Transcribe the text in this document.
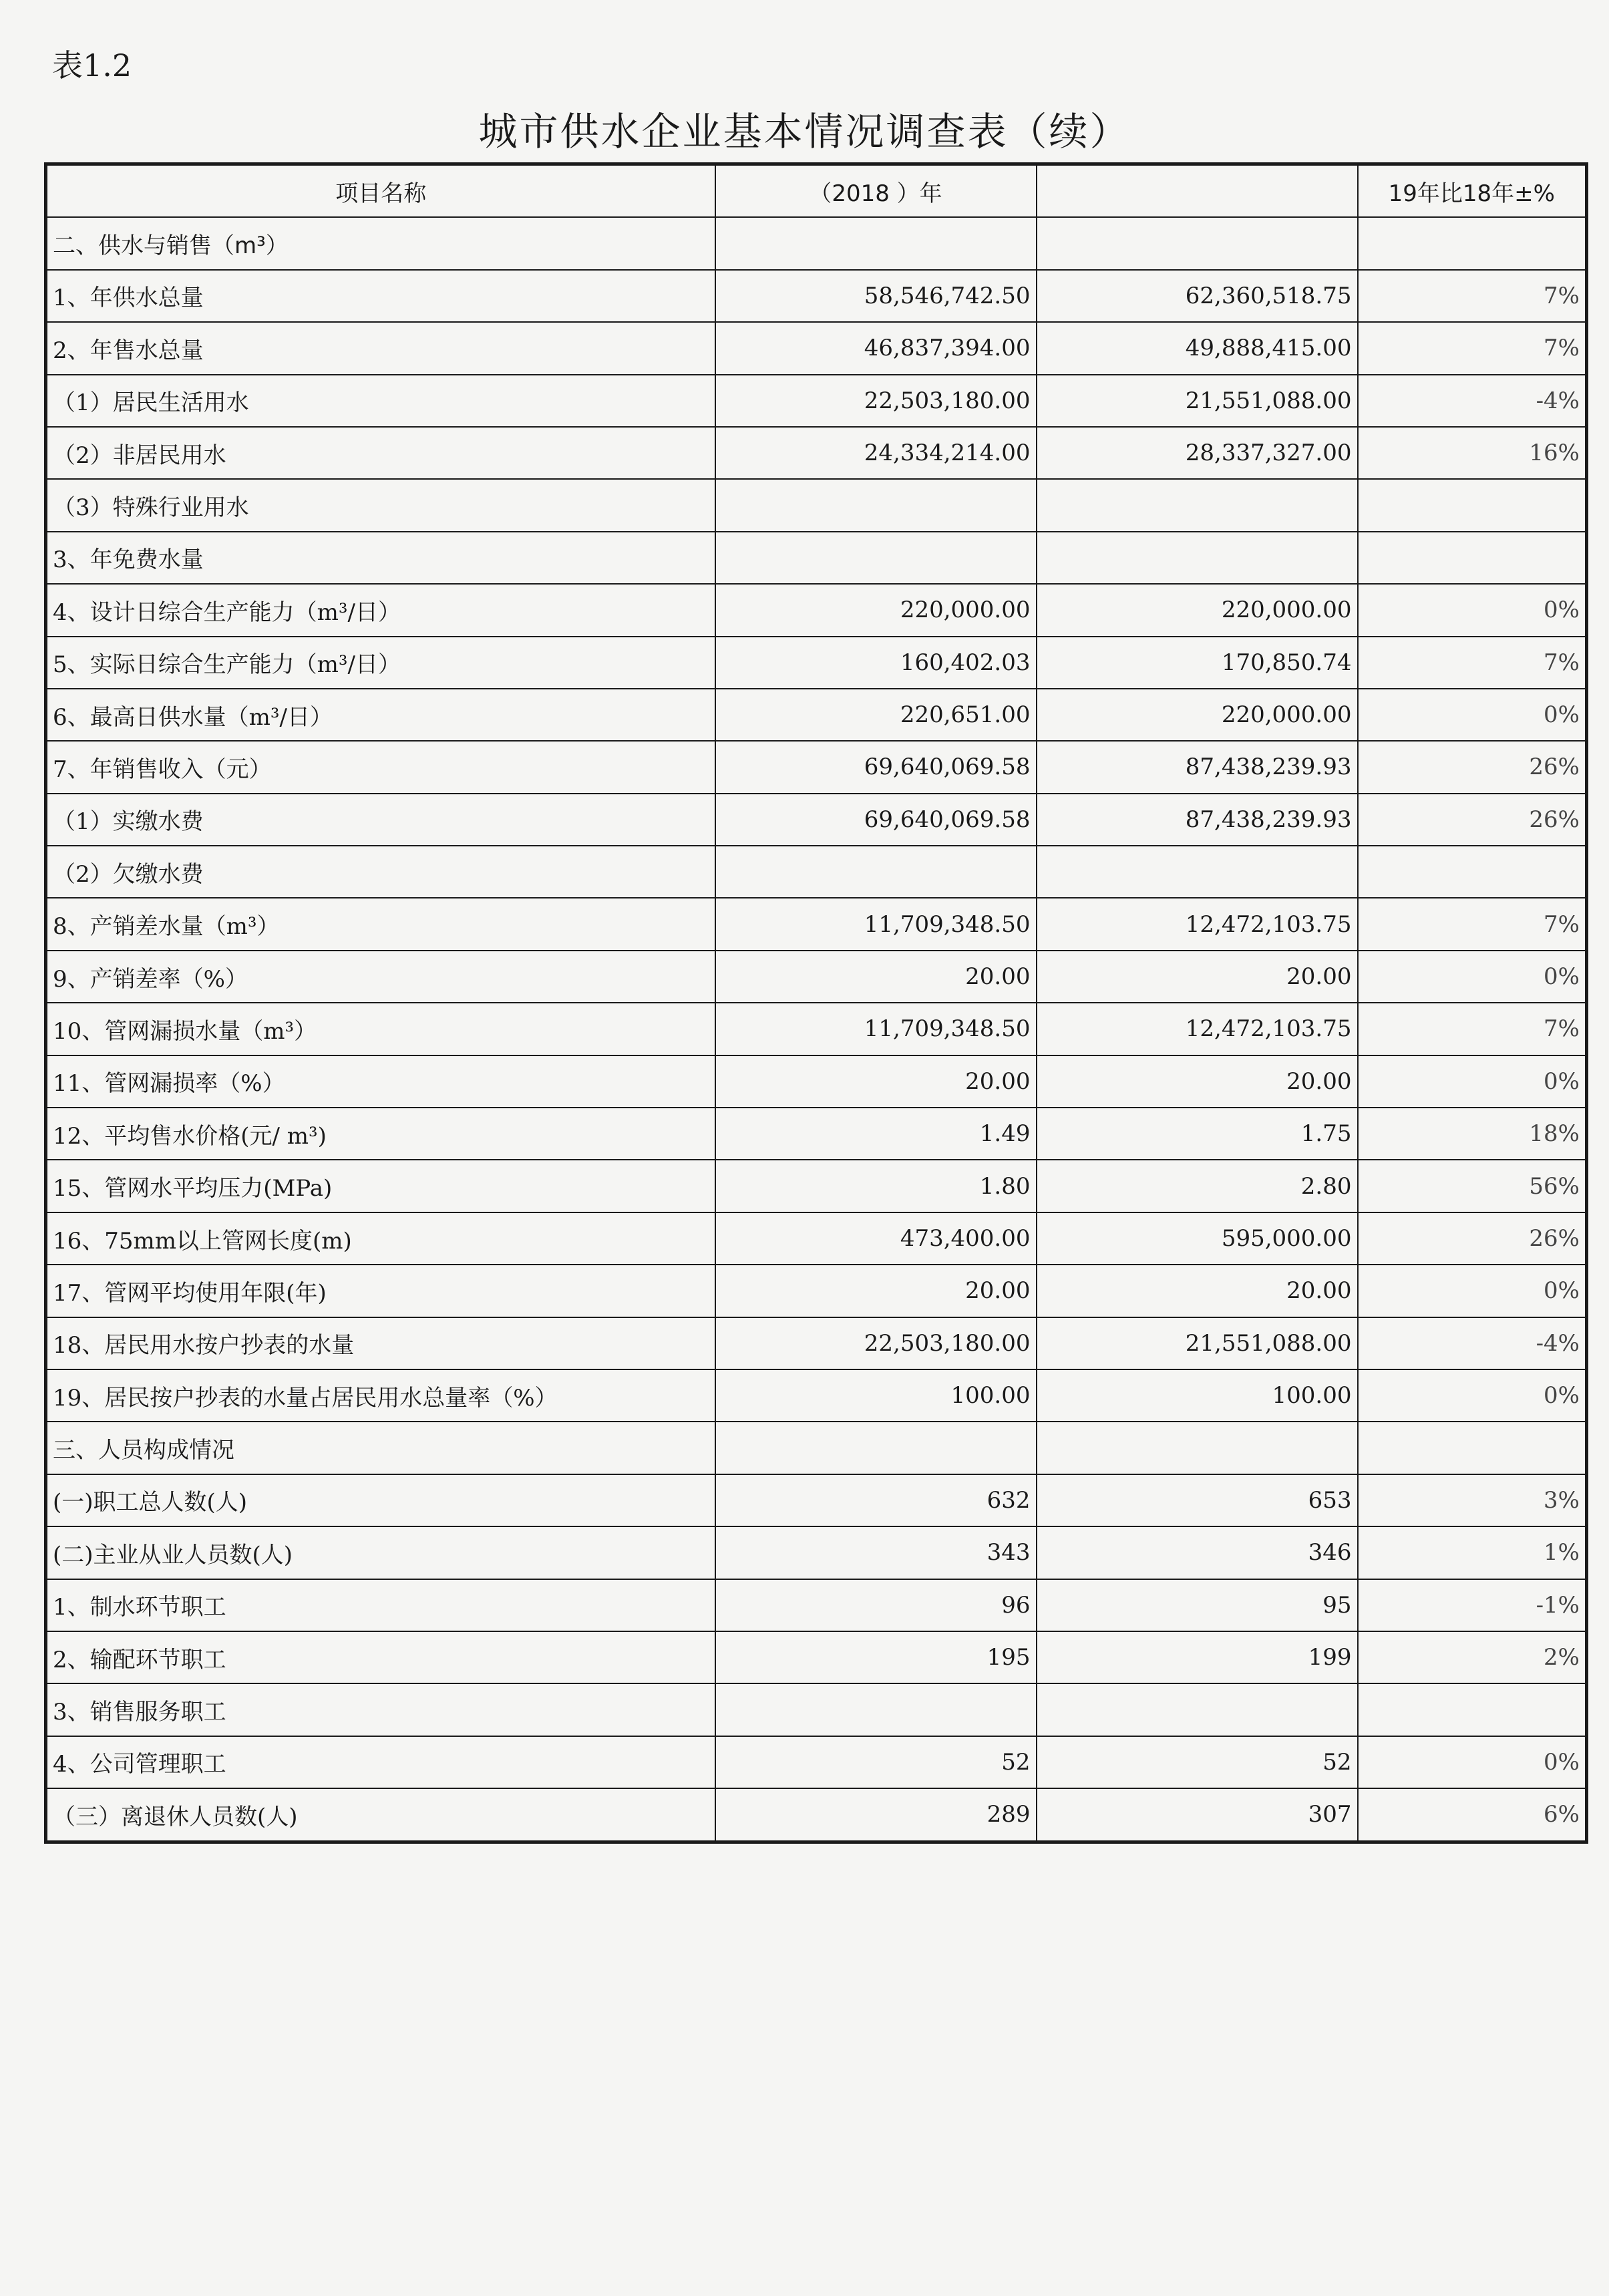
表1.2
城市供水企业基本情况调查表（续）
项目名称	（2018 ）年		19年比18年±%
二、供水与销售（m³）			
1、年供水总量	58,546,742.50	62,360,518.75	7%
2、年售水总量	46,837,394.00	49,888,415.00	7%
（1）居民生活用水	22,503,180.00	21,551,088.00	-4%
（2）非居民用水	24,334,214.00	28,337,327.00	16%
（3）特殊行业用水			
3、年免费水量			
4、设计日综合生产能力（m³/日）	220,000.00	220,000.00	0%
5、实际日综合生产能力（m³/日）	160,402.03	170,850.74	7%
6、最高日供水量（m³/日）	220,651.00	220,000.00	0%
7、年销售收入（元）	69,640,069.58	87,438,239.93	26%
（1）实缴水费	69,640,069.58	87,438,239.93	26%
（2）欠缴水费			
8、产销差水量（m³）	11,709,348.50	12,472,103.75	7%
9、产销差率（%）	20.00	20.00	0%
10、管网漏损水量（m³）	11,709,348.50	12,472,103.75	7%
11、管网漏损率（%）	20.00	20.00	0%
12、平均售水价格(元/ m³)	1.49	1.75	18%
15、管网水平均压力(MPa)	1.80	2.80	56%
16、75mm以上管网长度(m)	473,400.00	595,000.00	26%
17、管网平均使用年限(年)	20.00	20.00	0%
18、居民用水按户抄表的水量	22,503,180.00	21,551,088.00	-4%
19、居民按户抄表的水量占居民用水总量率（%）	100.00	100.00	0%
三、人员构成情况			
(一)职工总人数(人)	632	653	3%
(二)主业从业人员数(人)	343	346	1%
1、制水环节职工	96	95	-1%
2、输配环节职工	195	199	2%
3、销售服务职工			
4、公司管理职工	52	52	0%
（三）离退休人员数(人)	289	307	6%
